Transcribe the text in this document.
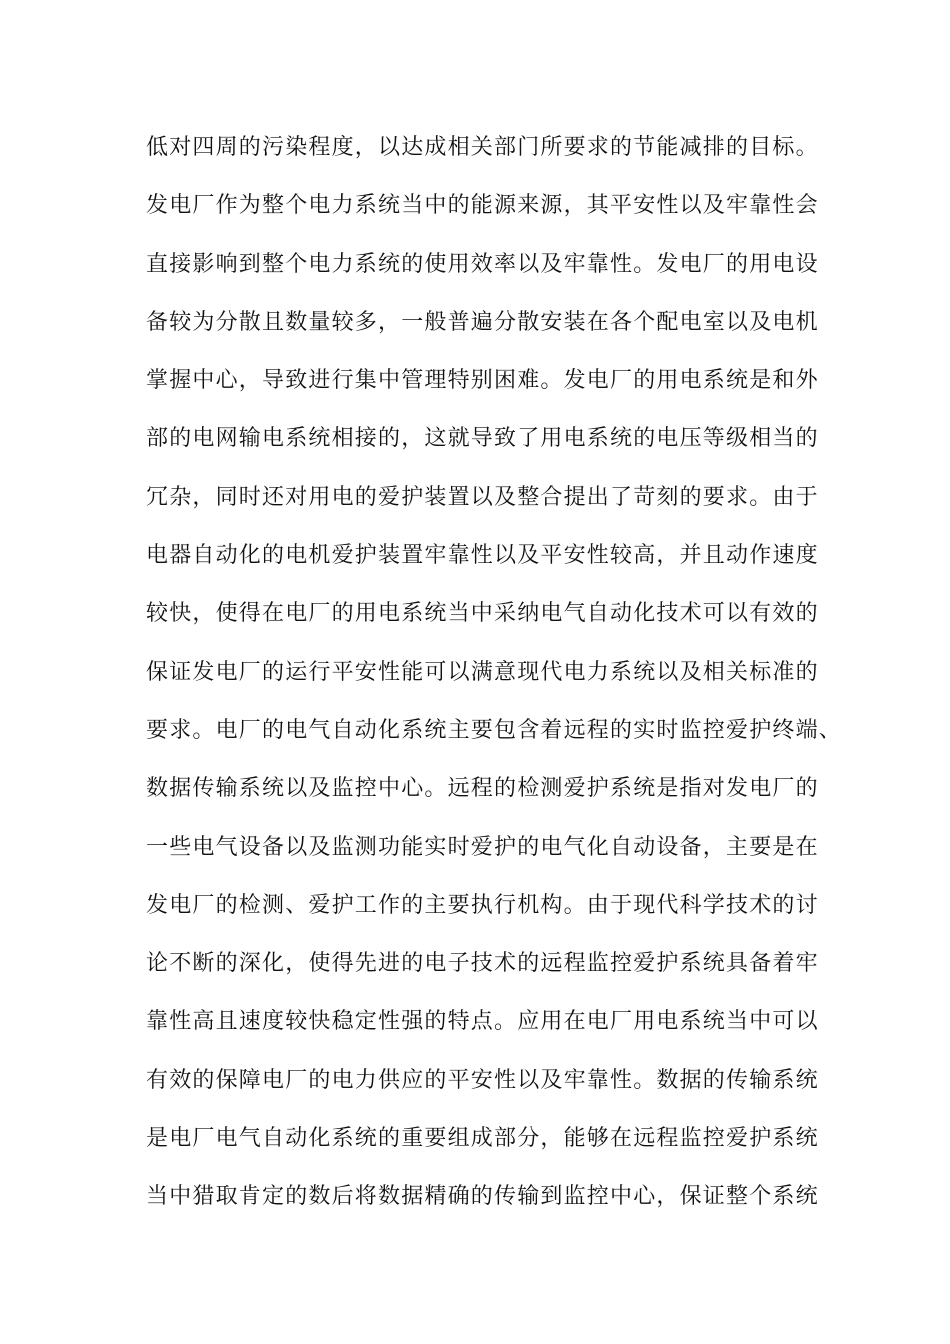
低对四周的污染程度，以达成相关部门所要求的节能减排的目标。
发电厂作为整个电力系统当中的能源来源，其平安性以及牢靠性会
直接影响到整个电力系统的使用效率以及牢靠性。发电厂的用电设
备较为分散且数量较多，一般普遍分散安装在各个配电室以及电机
掌握中心，导致进行集中管理特别困难。发电厂的用电系统是和外
部的电网输电系统相接的，这就导致了用电系统的电压等级相当的
冗杂，同时还对用电的爱护装置以及整合提出了苛刻的要求。由于
电器自动化的电机爱护装置牢靠性以及平安性较高，并且动作速度
较快，使得在电厂的用电系统当中采纳电气自动化技术可以有效的
保证发电厂的运行平安性能可以满意现代电力系统以及相关标准的
要求。电厂的电气自动化系统主要包含着远程的实时监控爱护终端、
数据传输系统以及监控中心。远程的检测爱护系统是指对发电厂的
一些电气设备以及监测功能实时爱护的电气化自动设备，主要是在
发电厂的检测、爱护工作的主要执行机构。由于现代科学技术的讨
论不断的深化，使得先进的电子技术的远程监控爱护系统具备着牢
靠性高且速度较快稳定性强的特点。应用在电厂用电系统当中可以
有效的保障电厂的电力供应的平安性以及牢靠性。数据的传输系统
是电厂电气自动化系统的重要组成部分，能够在远程监控爱护系统
当中猎取肯定的数后将数据精确的传输到监控中心，保证整个系统
